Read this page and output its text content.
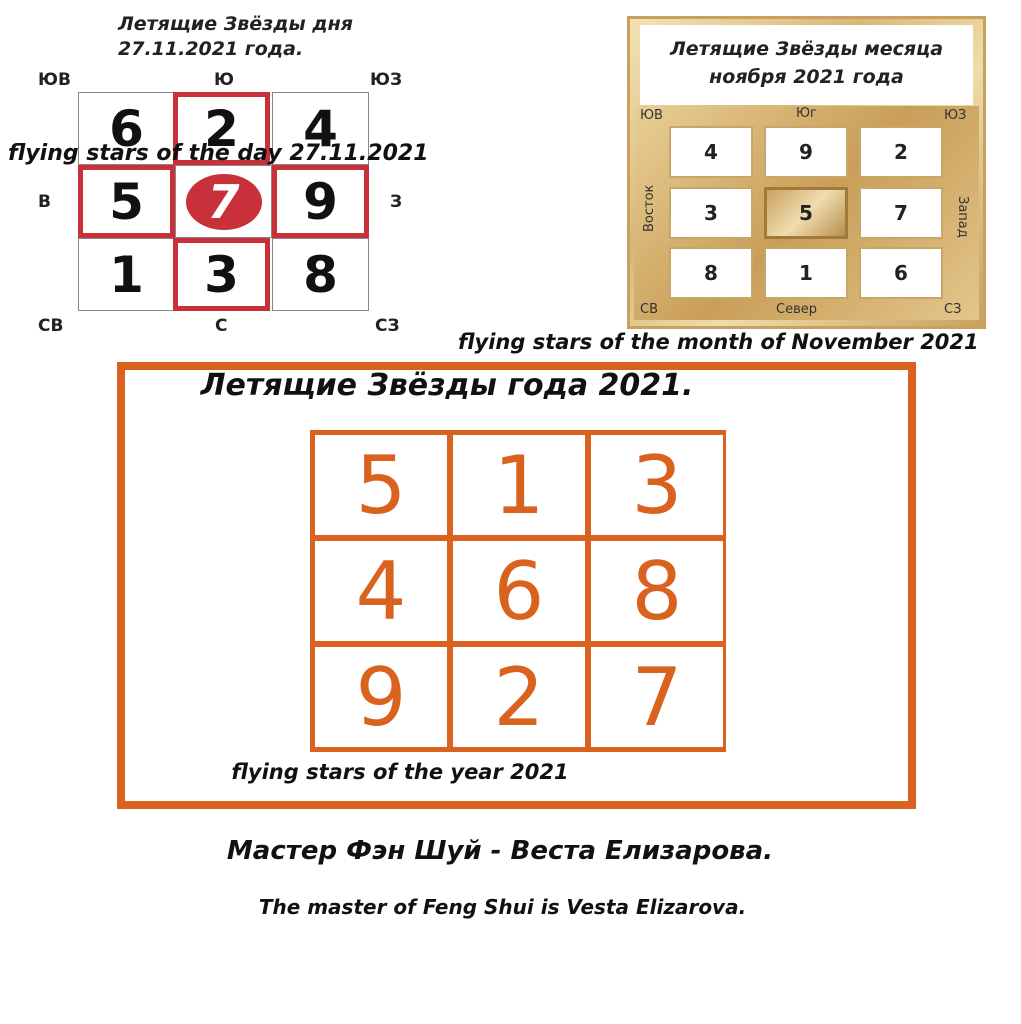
Летящие Звёзды дня
27.11.2021 года.
ЮВ	Ю	ЮЗ
В	З
СВ	С	СЗ
6	2	4
5	7	9
1	3	8
flying stars of the day 27.11.2021
Летящие Звёзды месяца
ноября 2021 года
ЮВ	Юг	ЮЗ
Восток	Запад
СВ	Север	СЗ
4	9	2
3	5	7
8	1	6
flying stars of the month of November 2021
Летящие Звёзды года 2021.
5	1	3
4	6	8
9	2	7
flying stars of the year 2021
Мастер Фэн Шуй - Веста Елизарова.
The master of Feng Shui is Vesta Elizarova.
